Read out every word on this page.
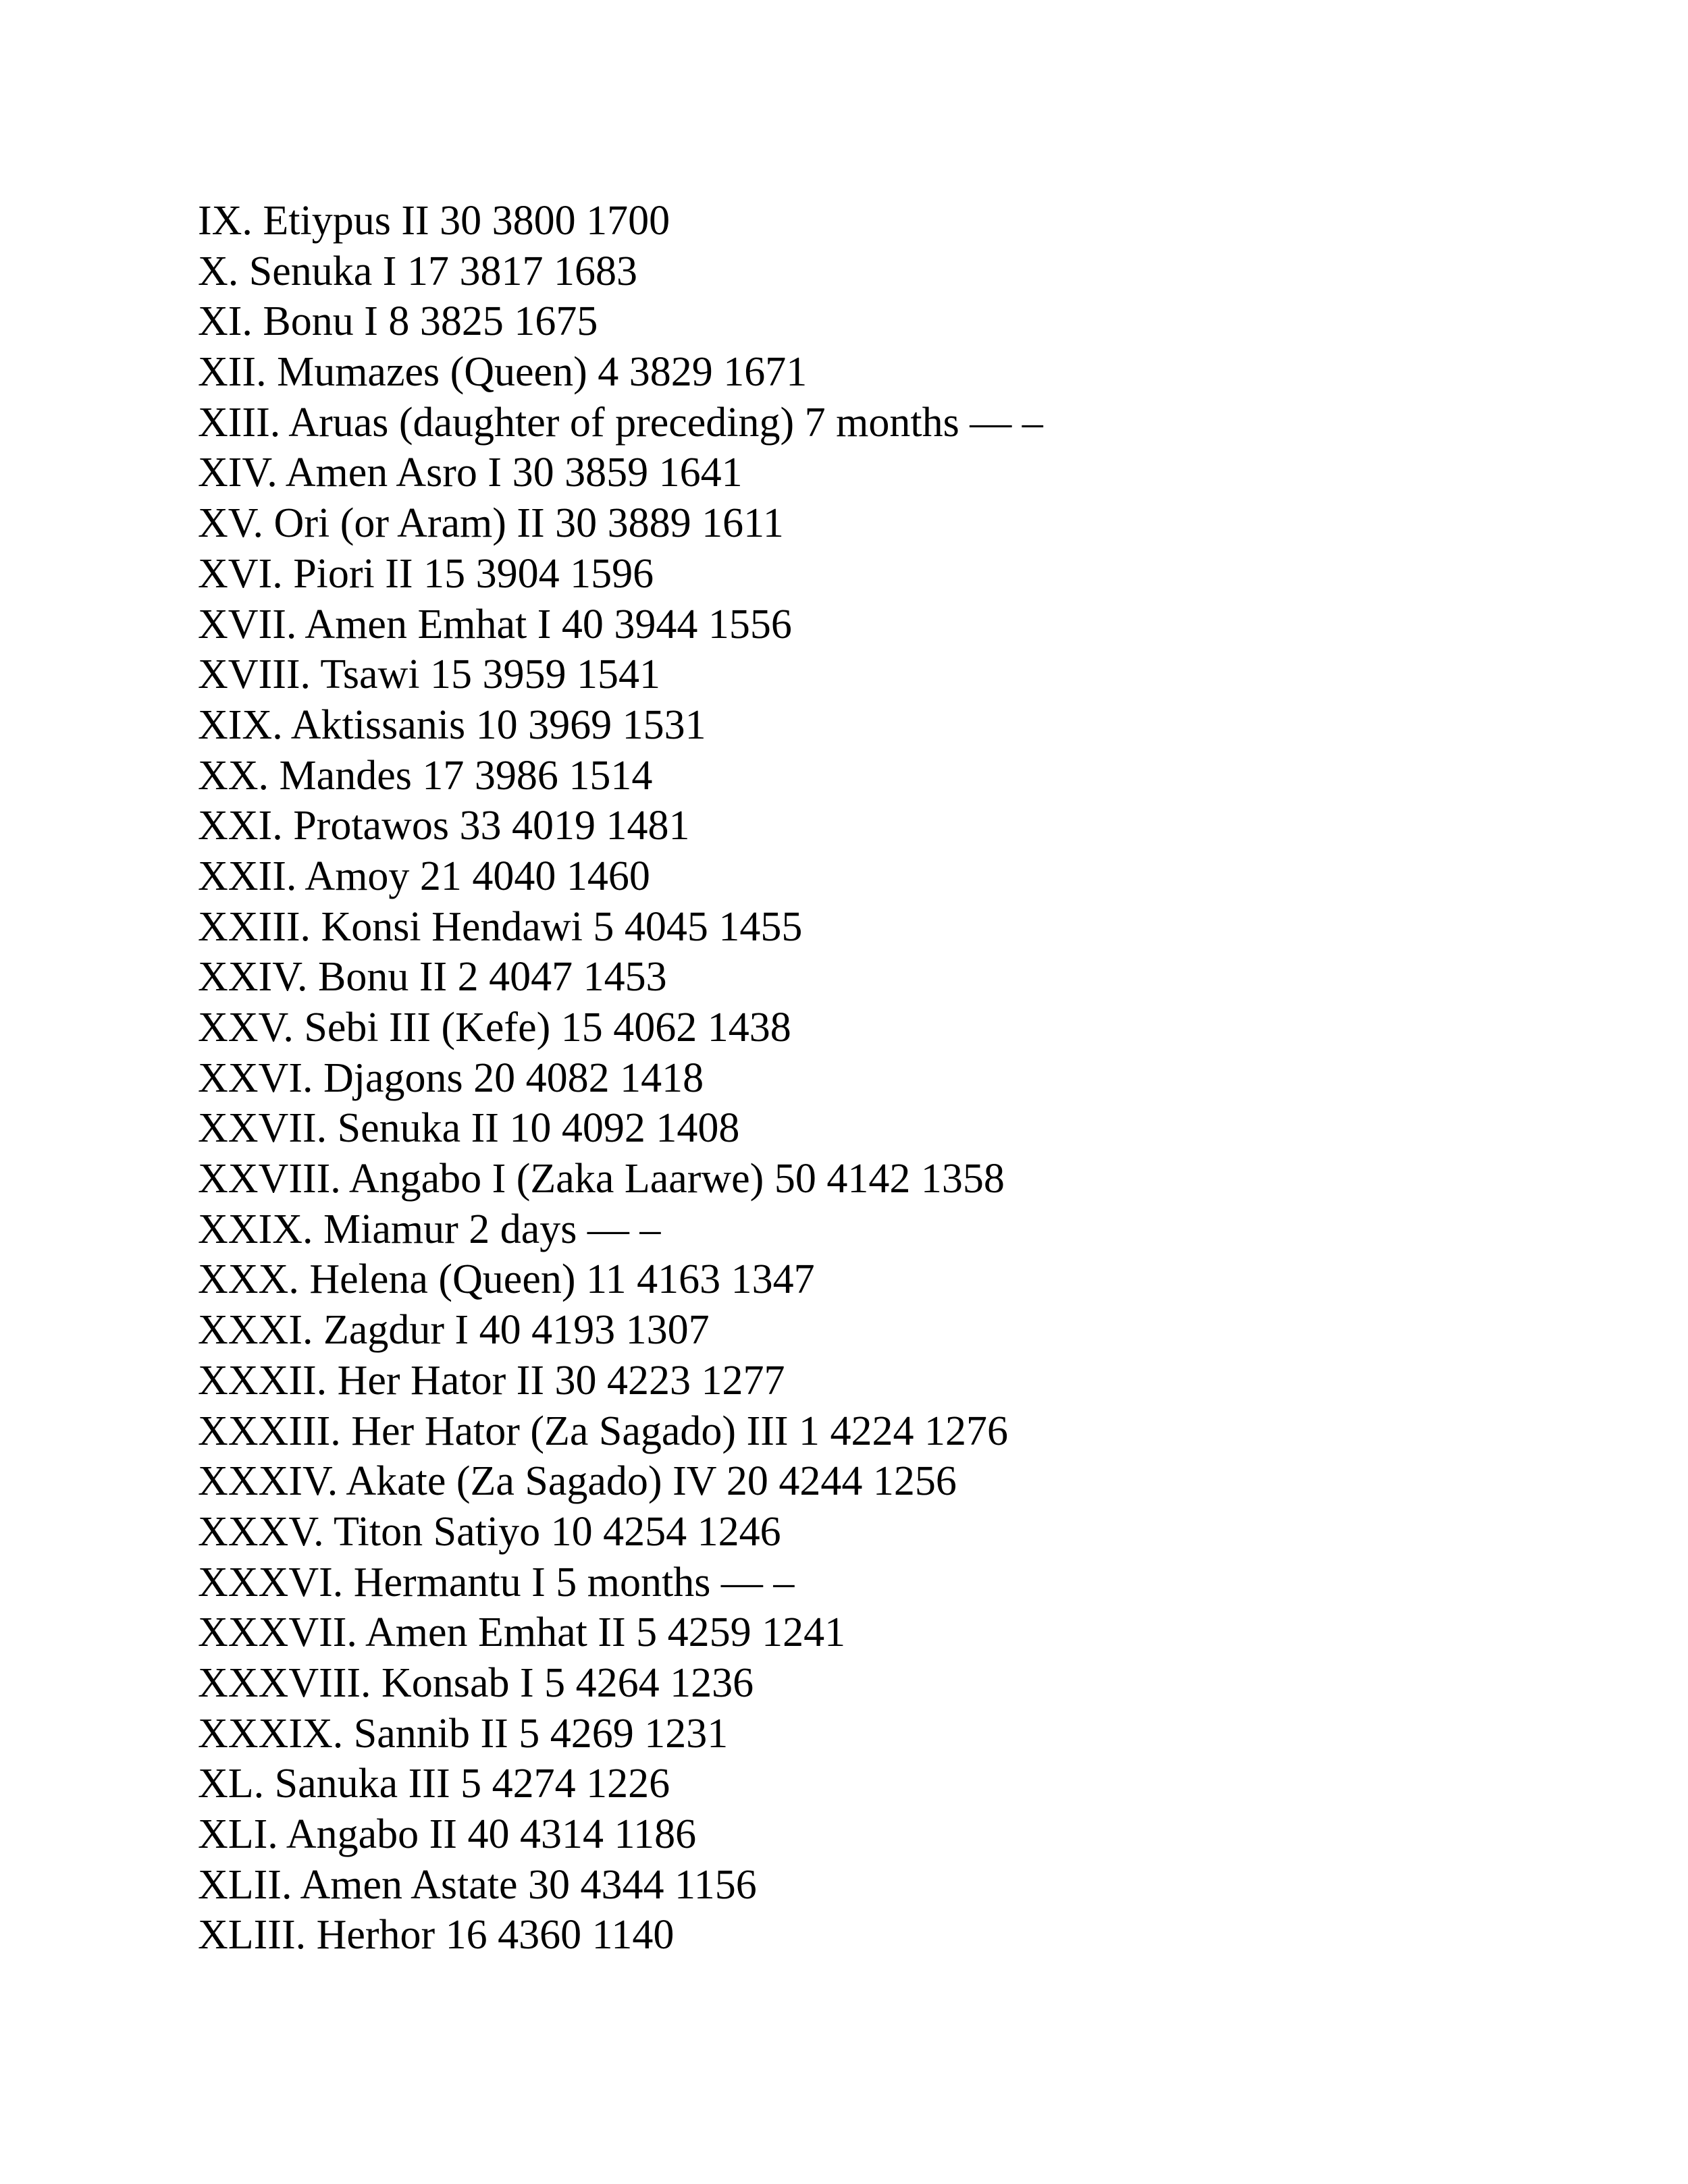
IX. Etiypus II 30 3800 1700
X. Senuka I 17 3817 1683
XI. Bonu I 8 3825 1675
XII. Mumazes (Queen) 4 3829 1671
XIII. Aruas (daughter of preceding) 7 months — –
XIV. Amen Asro I 30 3859 1641
XV. Ori (or Aram) II 30 3889 1611
XVI. Piori II 15 3904 1596
XVII. Amen Emhat I 40 3944 1556
XVIII. Tsawi 15 3959 1541
XIX. Aktissanis 10 3969 1531
XX. Mandes 17 3986 1514
XXI. Protawos 33 4019 1481
XXII. Amoy 21 4040 1460
XXIII. Konsi Hendawi 5 4045 1455
XXIV. Bonu II 2 4047 1453
XXV. Sebi III (Kefe) 15 4062 1438
XXVI. Djagons 20 4082 1418
XXVII. Senuka II 10 4092 1408
XXVIII. Angabo I (Zaka Laarwe) 50 4142 1358
XXIX. Miamur 2 days — –
XXX. Helena (Queen) 11 4163 1347
XXXI. Zagdur I 40 4193 1307
XXXII. Her Hator II 30 4223 1277
XXXIII. Her Hator (Za Sagado) III 1 4224 1276
XXXIV. Akate (Za Sagado) IV 20 4244 1256
XXXV. Titon Satiyo 10 4254 1246
XXXVI. Hermantu I 5 months — –
XXXVII. Amen Emhat II 5 4259 1241
XXXVIII. Konsab I 5 4264 1236
XXXIX. Sannib II 5 4269 1231
XL. Sanuka III 5 4274 1226
XLI. Angabo II 40 4314 1186
XLII. Amen Astate 30 4344 1156
XLIII. Herhor 16 4360 1140
